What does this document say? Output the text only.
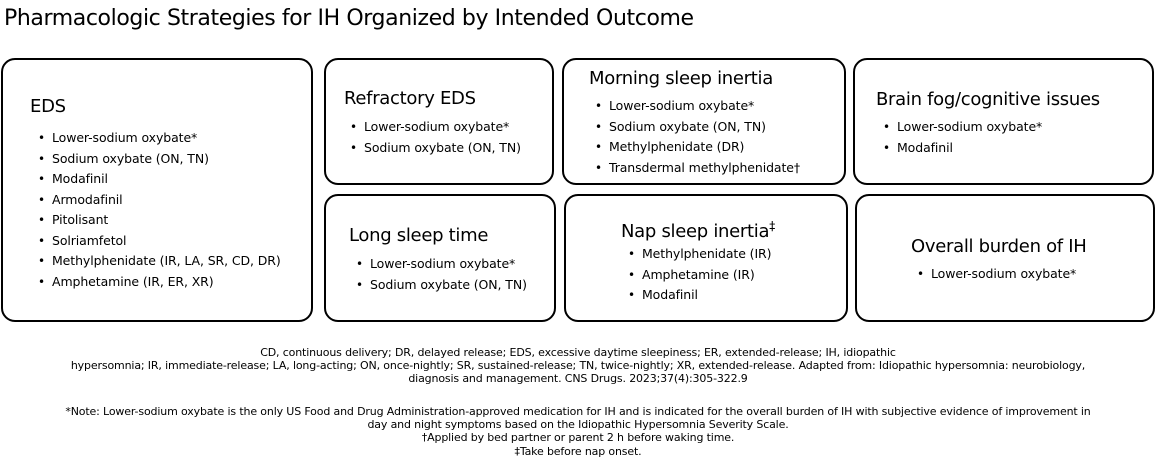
Pharmacologic Strategies for IH Organized by Intended Outcome
EDS
• Lower-sodium oxybate*
• Sodium oxybate (ON, TN)
• Modafinil
• Armodafinil
• Pitolisant
• Solriamfetol
• Methylphenidate (IR, LA, SR, CD, DR)
• Amphetamine (IR, ER, XR)
Refractory EDS
• Lower-sodium oxybate*
• Sodium oxybate (ON, TN)
Morning sleep inertia
• Lower-sodium oxybate*
• Sodium oxybate (ON, TN)
• Methylphenidate (DR)
• Transdermal methylphenidate†
Brain fog/cognitive issues
• Lower-sodium oxybate*
• Modafinil
Long sleep time
• Lower-sodium oxybate*
• Sodium oxybate (ON, TN)
Nap sleep inertia‡
• Methylphenidate (IR)
• Amphetamine (IR)
• Modafinil
Overall burden of IH
• Lower-sodium oxybate*
CD, continuous delivery; DR, delayed release; EDS, excessive daytime sleepiness; ER, extended-release; IH, idiopathic
hypersomnia; IR, immediate-release; LA, long-acting; ON, once-nightly; SR, sustained-release; TN, twice-nightly; XR, extended-release. Adapted from: Idiopathic hypersomnia: neurobiology,
diagnosis and management. CNS Drugs. 2023;37(4):305-322.9
*Note: Lower-sodium oxybate is the only US Food and Drug Administration-approved medication for IH and is indicated for the overall burden of IH with subjective evidence of improvement in
day and night symptoms based on the Idiopathic Hypersomnia Severity Scale.
†Applied by bed partner or parent 2 h before waking time.
‡Take before nap onset.
